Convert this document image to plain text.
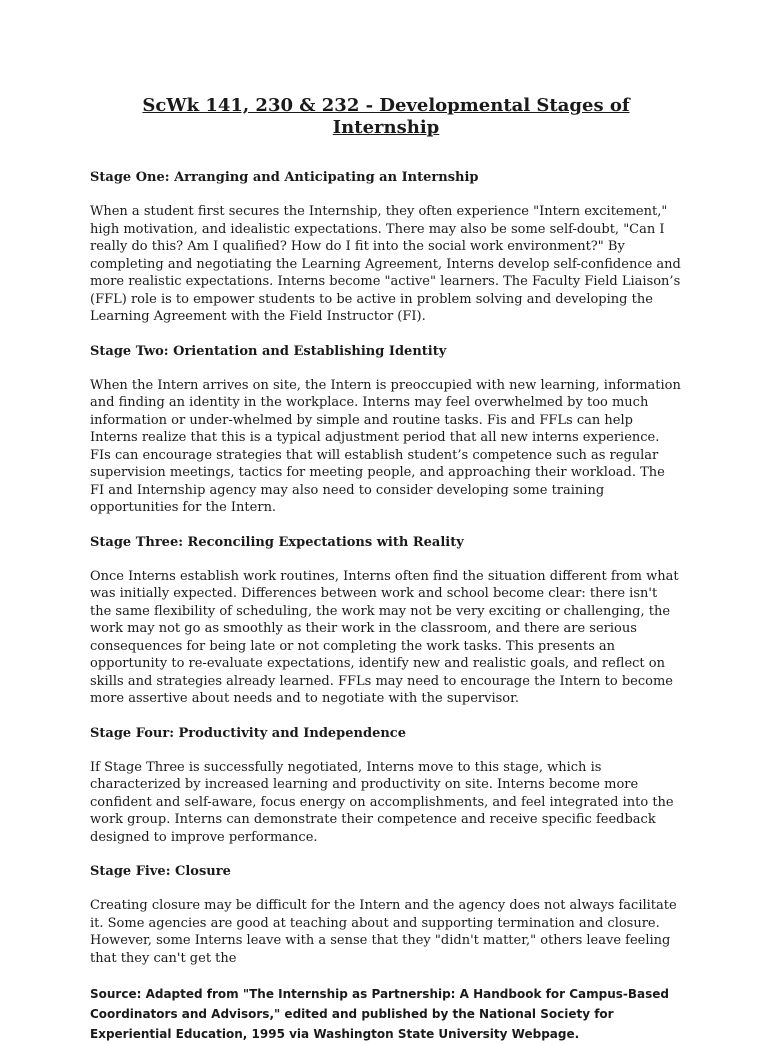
ScWk 141, 230 & 232 - Developmental Stages of Internship
Stage One: Arranging and Anticipating an Internship

When a student first secures the Internship, they often experience "Intern excitement," high motivation, and idealistic expectations. There may also be some self-doubt, "Can I really do this? Am I qualified? How do I fit into the social work environment?" By completing and negotiating the Learning Agreement, Interns develop self-confidence and more realistic expectations. Interns become "active" learners. The Faculty Field Liaison’s (FFL) role is to empower students to be active in problem solving and developing the Learning Agreement with the Field Instructor (FI).

Stage Two: Orientation and Establishing Identity

When the Intern arrives on site, the Intern is preoccupied with new learning, information and finding an identity in the workplace. Interns may feel overwhelmed by too much information or under-whelmed by simple and routine tasks. Fis and FFLs can help Interns realize that this is a typical adjustment period that all new interns experience. FIs can encourage strategies that will establish student’s competence such as regular supervision meetings, tactics for meeting people, and approaching their workload. The FI and Internship agency may also need to consider developing some training opportunities for the Intern.

Stage Three: Reconciling Expectations with Reality

Once Interns establish work routines, Interns often find the situation different from what was initially expected. Differences between work and school become clear: there isn't the same flexibility of scheduling, the work may not be very exciting or challenging, the work may not go as smoothly as their work in the classroom, and there are serious consequences for being late or not completing the work tasks. This presents an opportunity to re-evaluate expectations, identify new and realistic goals, and reflect on skills and strategies already learned. FFLs may need to encourage the Intern to become more assertive about needs and to negotiate with the supervisor.

Stage Four: Productivity and Independence

If Stage Three is successfully negotiated, Interns move to this stage, which is characterized by increased learning and productivity on site. Interns become more confident and self-aware, focus energy on accomplishments, and feel integrated into the work group. Interns can demonstrate their competence and receive specific feedback designed to improve performance.

Stage Five: Closure

Creating closure may be difficult for the Intern and the agency does not always facilitate it. Some agencies are good at teaching about and supporting termination and closure. However, some Interns leave with a sense that they "didn't matter," others leave feeling that they can't get the

Source: Adapted from "The Internship as Partnership: A Handbook for Campus-Based Coordinators and Advisors," edited and published by the National Society for Experiential Education, 1995 via Washington State University Webpage.
